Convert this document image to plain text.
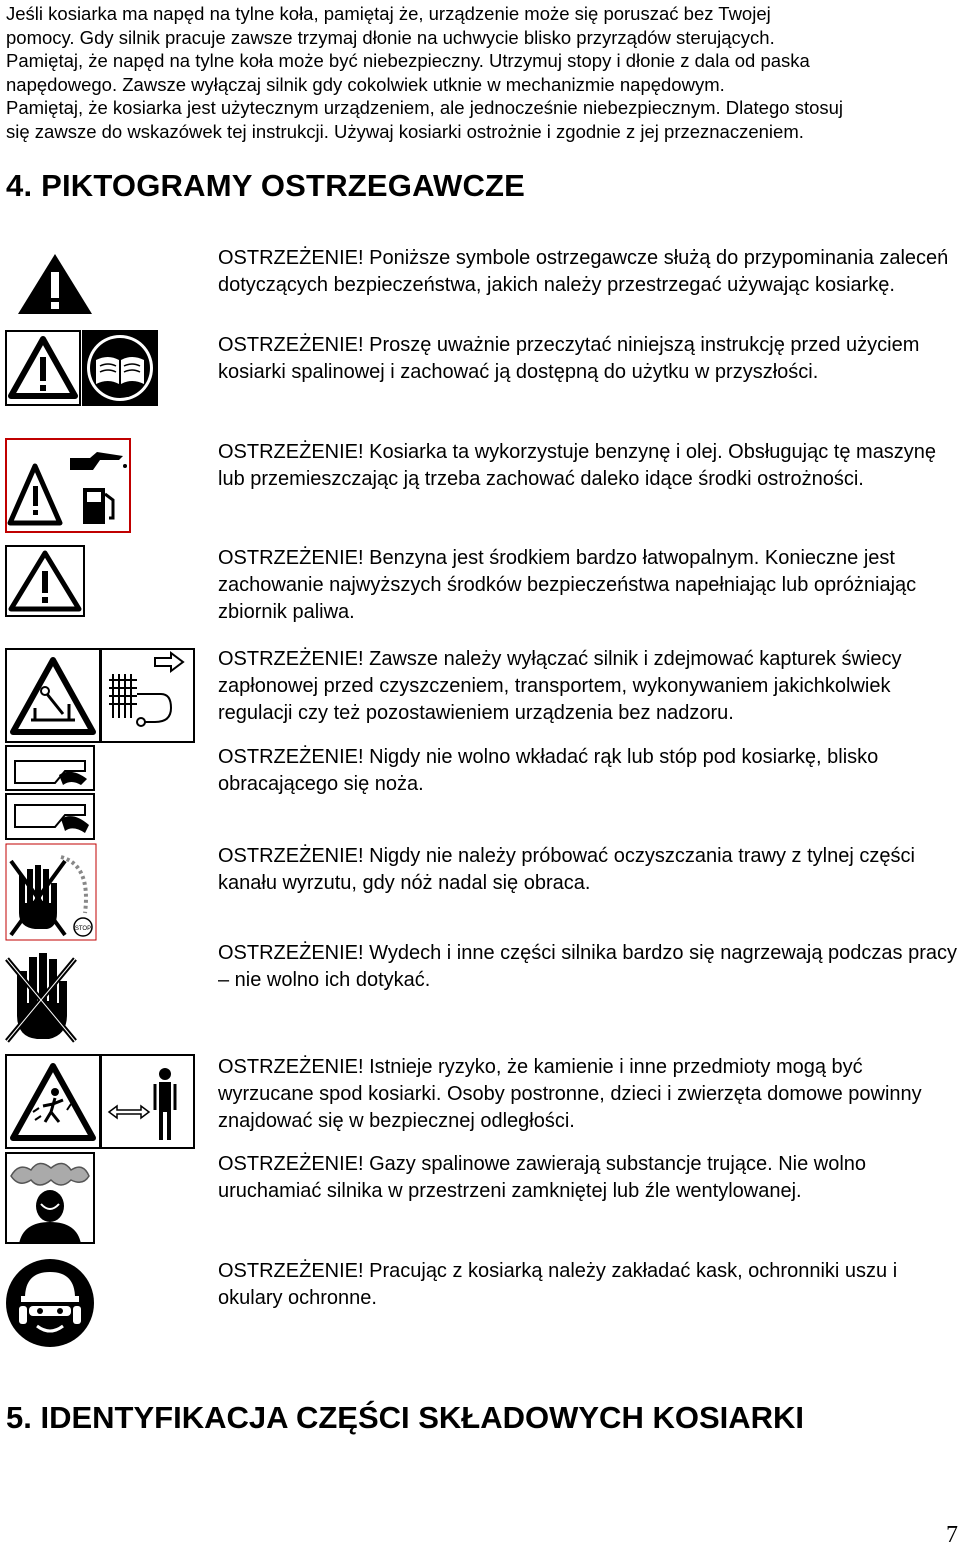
Jeśli kosiarka ma napęd na tylne koła, pamiętaj że, urządzenie może się poruszać bez Twojej

pomocy. Gdy silnik pracuje zawsze trzymaj dłonie na uchwycie blisko przyrządów sterujących.

Pamiętaj, że napęd na tylne koła może być niebezpieczny. Utrzymuj stopy i dłonie z dala od paska

napędowego. Zawsze wyłączaj silnik gdy cokolwiek utknie w mechanizmie napędowym.

Pamiętaj, że kosiarka jest użytecznym urządzeniem, ale jednocześnie niebezpiecznym. Dlatego stosuj

się zawsze do wskazówek tej instrukcji. Używaj kosiarki ostrożnie i zgodnie z jej przeznaczeniem.

4. PIKTOGRAMY OSTRZEGAWCZE

OSTRZEŻENIE! Poniższe symbole ostrzegawcze służą do przypominania zaleceń dotyczących bezpieczeństwa, jakich należy przestrzegać używając kosiarkę.

OSTRZEŻENIE! Proszę uważnie przeczytać niniejszą instrukcję przed użyciem kosiarki spalinowej i zachować ją dostępną do użytku w przyszłości.

OSTRZEŻENIE! Kosiarka ta wykorzystuje benzynę i olej. Obsługując tę maszynę lub przemieszczając ją trzeba zachować daleko idące środki ostrożności.

OSTRZEŻENIE! Benzyna jest środkiem bardzo łatwopalnym. Konieczne jest zachowanie najwyższych środków bezpieczeństwa napełniając lub opróżniając zbiornik paliwa.

OSTRZEŻENIE! Zawsze należy wyłączać silnik i zdejmować kapturek świecy zapłonowej przed czyszczeniem, transportem, wykonywaniem jakichkolwiek regulacji czy też pozostawieniem urządzenia bez nadzoru.

OSTRZEŻENIE! Nigdy nie wolno wkładać rąk lub stóp pod kosiarkę, blisko obracającego się noża.

OSTRZEŻENIE! Nigdy nie należy próbować oczyszczania trawy z tylnej części kanału wyrzutu, gdy nóż nadal się obraca.

OSTRZEŻENIE! Wydech i inne części silnika bardzo się nagrzewają podczas pracy – nie wolno ich dotykać.

OSTRZEŻENIE! Istnieje ryzyko, że kamienie i inne przedmioty mogą być wyrzucane spod kosiarki. Osoby postronne, dzieci i zwierzęta domowe powinny znajdować się w bezpiecznej odległości.

OSTRZEŻENIE! Gazy spalinowe zawierają substancje trujące. Nie wolno uruchamiać silnika w przestrzeni zamkniętej lub źle wentylowanej.

OSTRZEŻENIE! Pracując z kosiarką należy zakładać kask, ochronniki uszu i okulary ochronne.

STOP
5. IDENTYFIKACJA CZĘŚCI SKŁADOWYCH KOSIARKI
7
